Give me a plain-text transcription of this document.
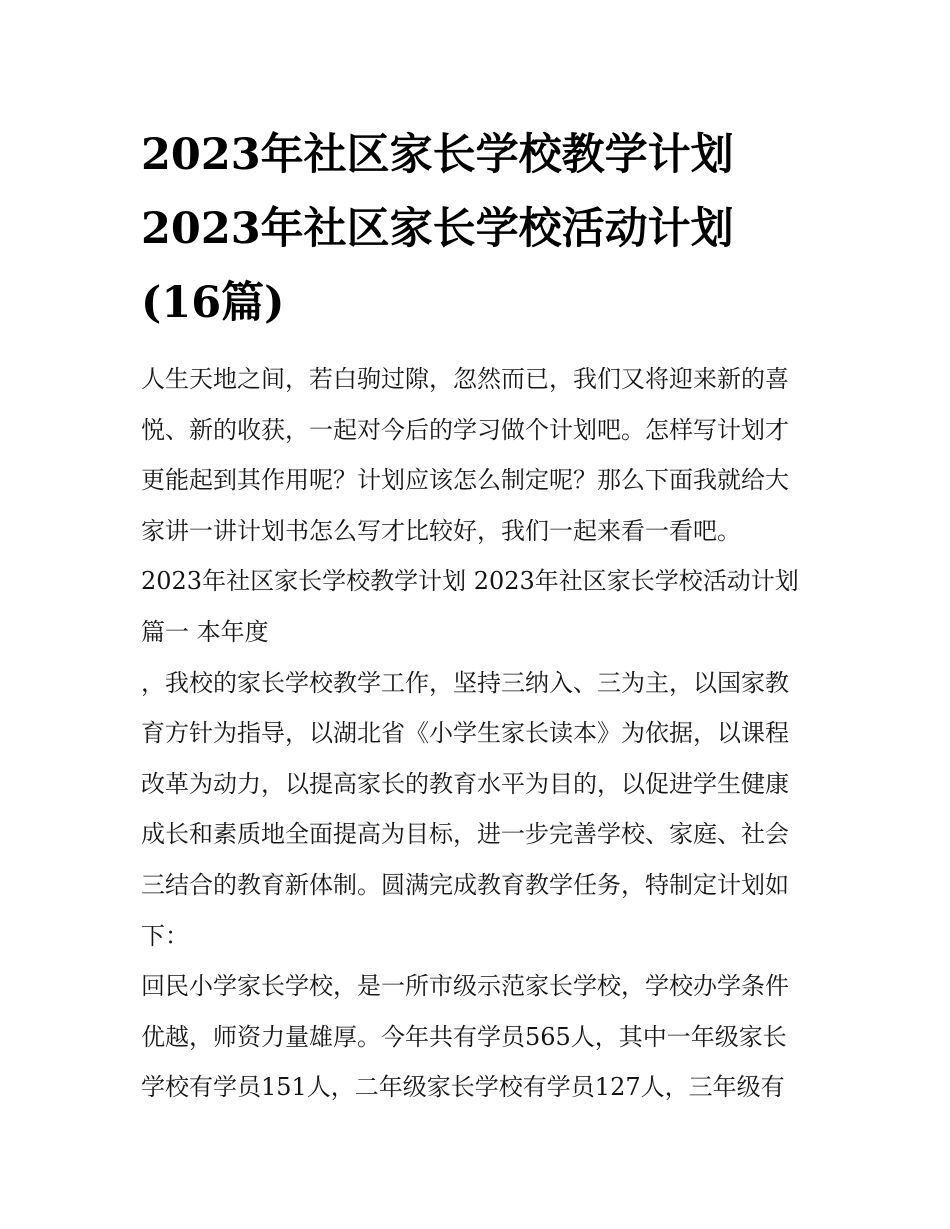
2023年社区家长学校教学计划
2023年社区家长学校活动计划
(16篇)
人生天地之间，若白驹过隙，忽然而已，我们又将迎来新的喜
悦、新的收获，一起对今后的学习做个计划吧。怎样写计划才
更能起到其作用呢？计划应该怎么制定呢？那么下面我就给大
家讲一讲计划书怎么写才比较好，我们一起来看一看吧。
2023年社区家长学校教学计划 2023年社区家长学校活动计划
篇一 本年度
，我校的家长学校教学工作，坚持三纳入、三为主，以国家教
育方针为指导，以湖北省《小学生家长读本》为依据，以课程
改革为动力，以提高家长的教育水平为目的，以促进学生健康
成长和素质地全面提高为目标，进一步完善学校、家庭、社会
三结合的教育新体制。圆满完成教育教学任务，特制定计划如
下：
回民小学家长学校，是一所市级示范家长学校，学校办学条件
优越，师资力量雄厚。今年共有学员565人，其中一年级家长
学校有学员151人，二年级家长学校有学员127人，三年级有
